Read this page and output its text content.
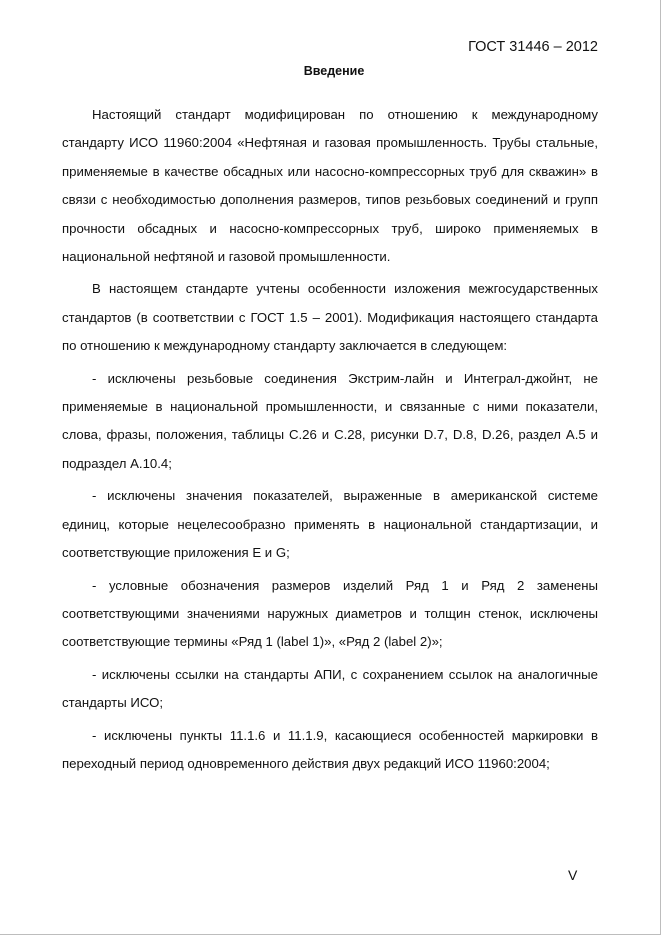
ГОСТ 31446 – 2012
Введение

Настоящий стандарт модифицирован по отношению к международному стандарту ИСО 11960:2004 «Нефтяная и газовая промышленность. Трубы стальные, применяемые в качестве обсадных или насосно-компрессорных труб для скважин» в связи с необходимостью дополнения размеров, типов резьбовых соединений и групп прочности обсадных и насосно-компрессорных труб, широко применяемых в национальной нефтяной и газовой промышленности.

В настоящем стандарте учтены особенности изложения межгосударственных стандартов (в соответствии с ГОСТ 1.5 – 2001). Модификация настоящего стандарта по отношению к международному стандарту заключается в следующем:

- исключены резьбовые соединения Экстрим-лайн и Интеграл-джойнт, не применяемые в национальной промышленности, и связанные с ними показатели, слова, фразы, положения, таблицы С.26 и С.28, рисунки D.7, D.8, D.26, раздел А.5 и подраздел А.10.4;

- исключены значения показателей, выраженные в американской системе единиц, которые нецелесообразно применять в национальной стандартизации, и соответствующие приложения Е и G;

- условные обозначения размеров изделий Ряд 1 и Ряд 2 заменены соответствующими значениями наружных диаметров и толщин стенок, исключены соответствующие термины «Ряд 1 (label 1)», «Ряд 2 (label 2)»;

- исключены ссылки на стандарты АПИ, с сохранением ссылок на аналогичные стандарты ИСО;

- исключены пункты 11.1.6 и 11.1.9, касающиеся особенностей маркировки в переходный период одновременного действия двух редакций ИСО 11960:2004;

V
